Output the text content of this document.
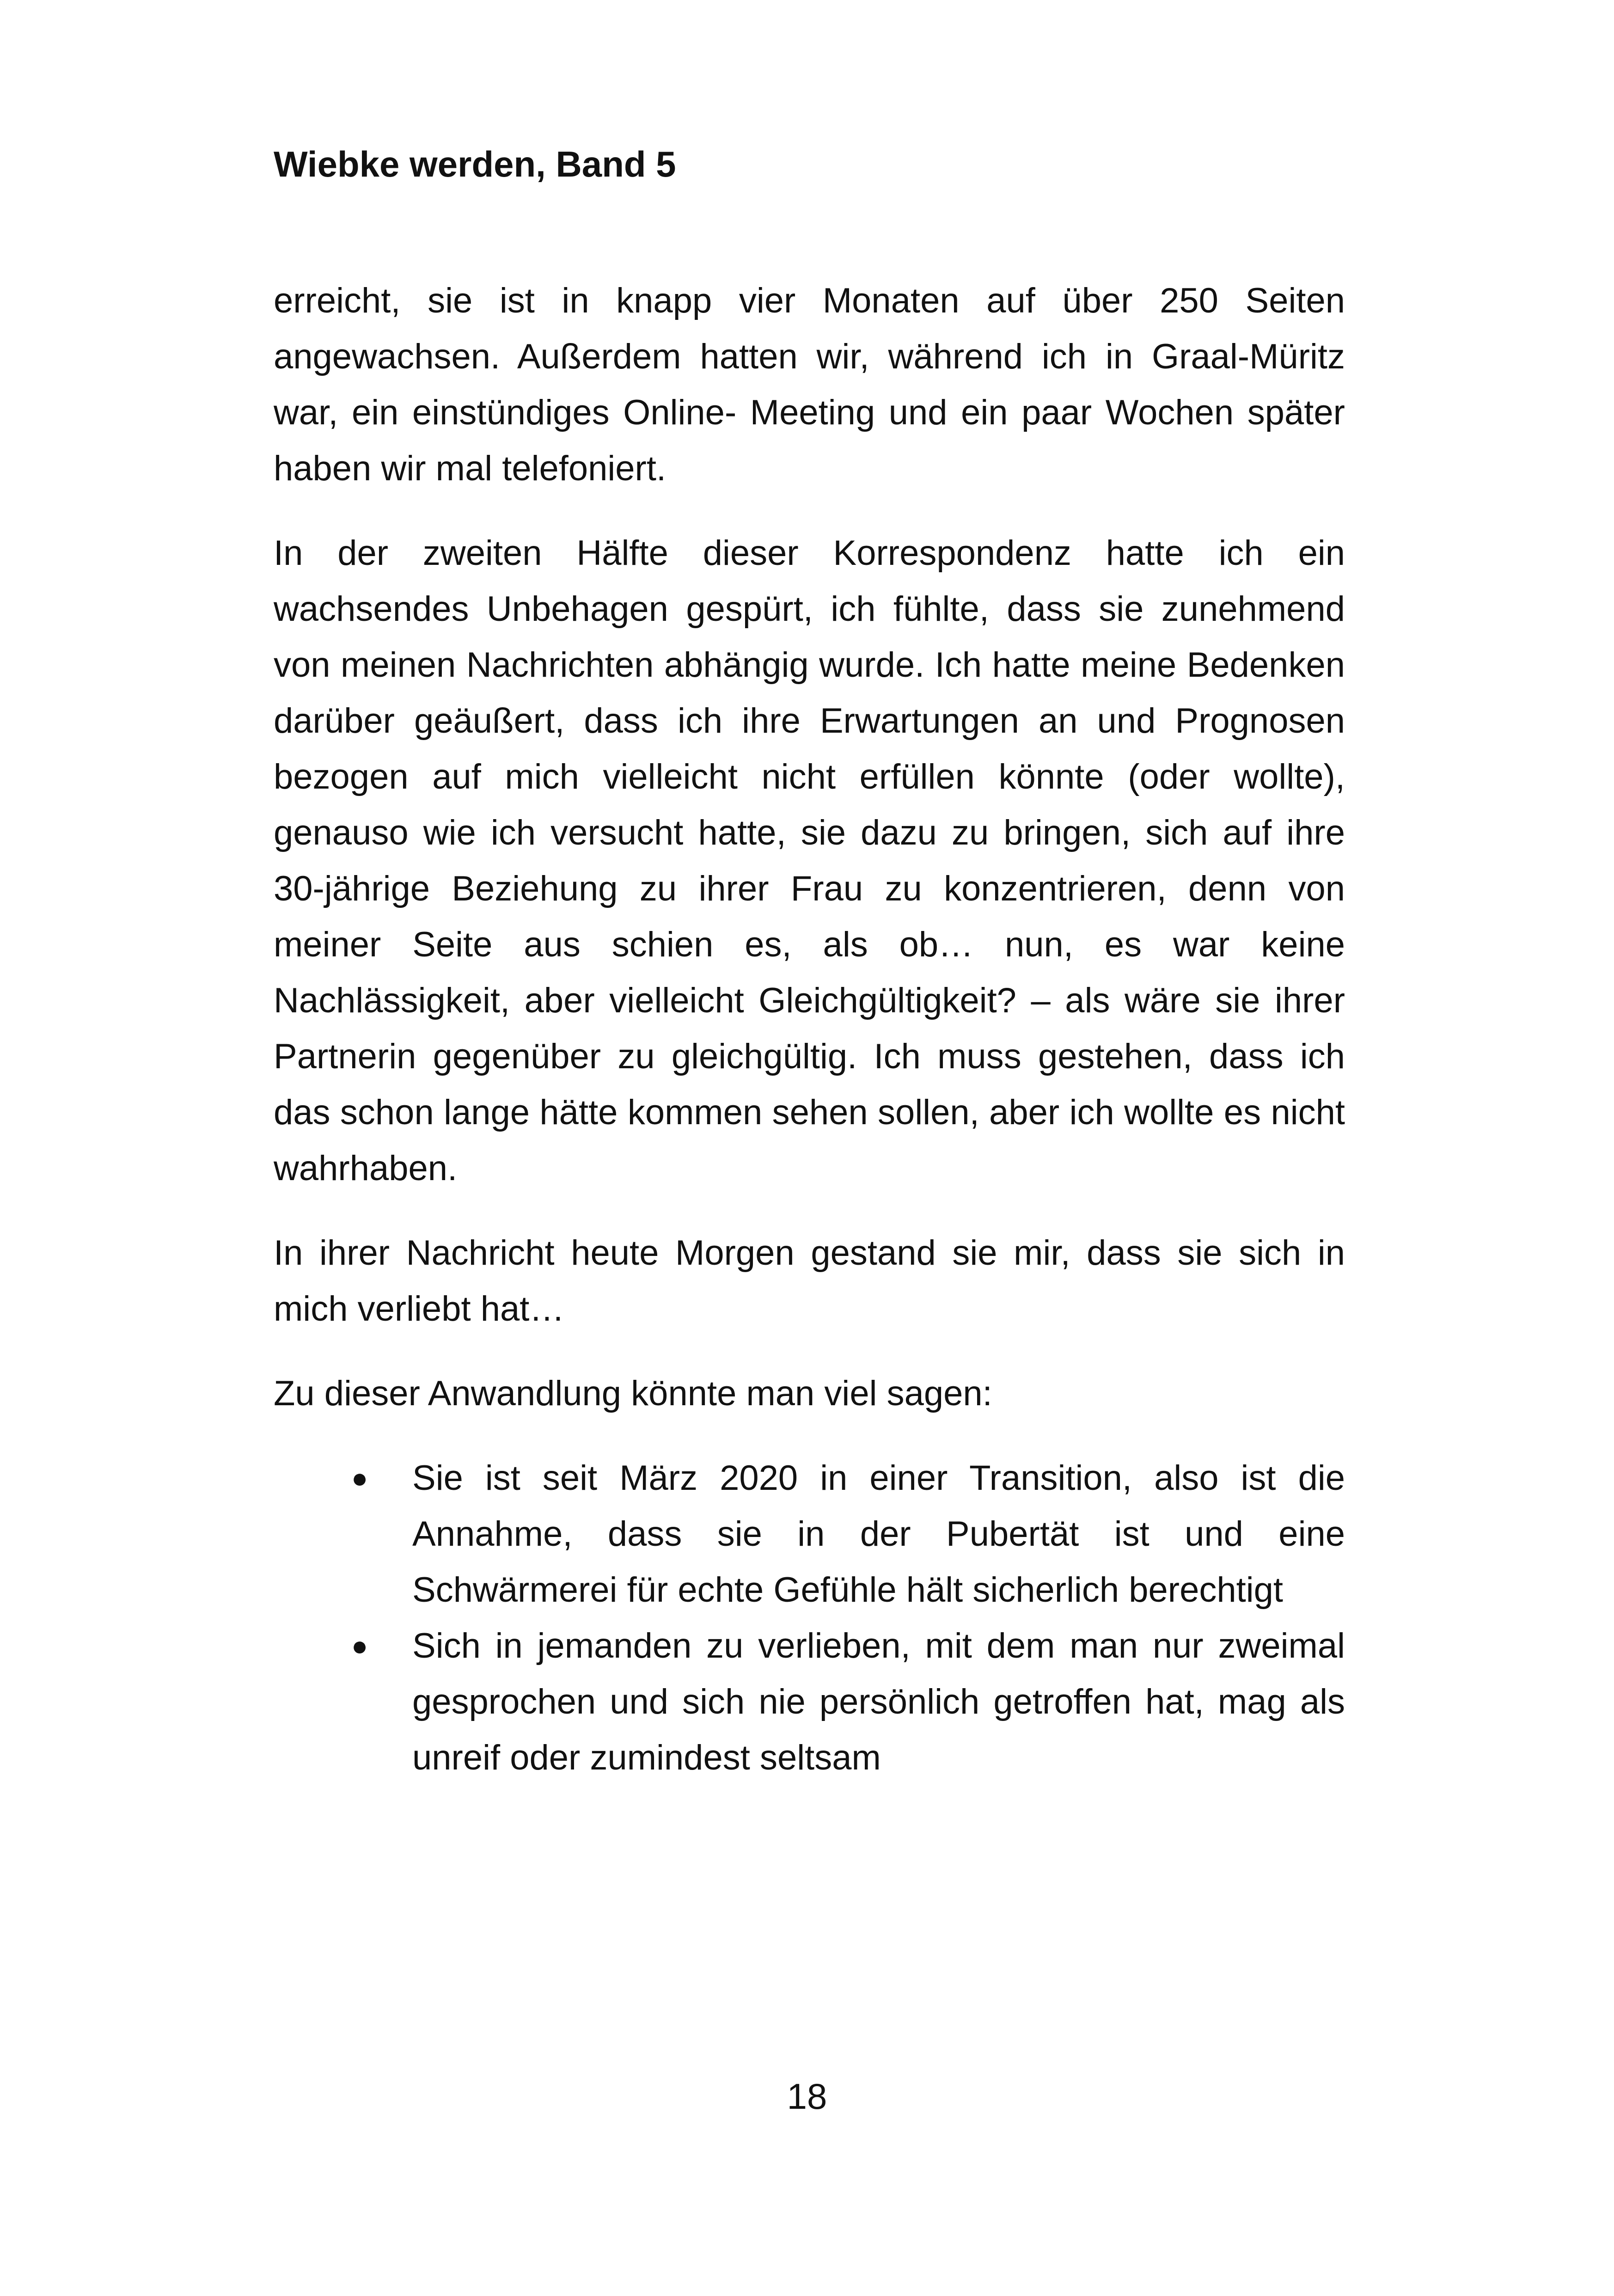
Wiebke werden, Band 5

erreicht, sie ist in knapp vier Monaten auf über 250 Seiten angewachsen. Außerdem hatten wir, während ich in Graal-Müritz war, ein einstündiges Online- Meeting und ein paar Wochen später haben wir mal telefoniert.

In der zweiten Hälfte dieser Korrespondenz hatte ich ein wachsendes Unbehagen gespürt, ich fühlte, dass sie zunehmend von meinen Nachrichten abhängig wurde. Ich hatte meine Bedenken darüber geäußert, dass ich ihre Erwartungen an und Prognosen bezogen auf mich vielleicht nicht erfüllen könnte (oder wollte), genauso wie ich versucht hatte, sie dazu zu bringen, sich auf ihre 30-jährige Beziehung zu ihrer Frau zu konzentrieren, denn von meiner Seite aus schien es, als ob… nun, es war keine Nachlässigkeit, aber vielleicht Gleichgültigkeit? – als wäre sie ihrer Partnerin gegenüber zu gleichgültig. Ich muss gestehen, dass ich das schon lange hätte kommen sehen sollen, aber ich wollte es nicht wahrhaben.

In ihrer Nachricht heute Morgen gestand sie mir, dass sie sich in mich verliebt hat…

Zu dieser Anwandlung könnte man viel sagen:

● Sie ist seit März 2020 in einer Transition, also ist die Annahme, dass sie in der Pubertät ist und eine Schwärmerei für echte Gefühle hält sicherlich berechtigt
● Sich in jemanden zu verlieben, mit dem man nur zweimal gesprochen und sich nie persönlich getroffen hat, mag als unreif oder zumindest seltsam
18
